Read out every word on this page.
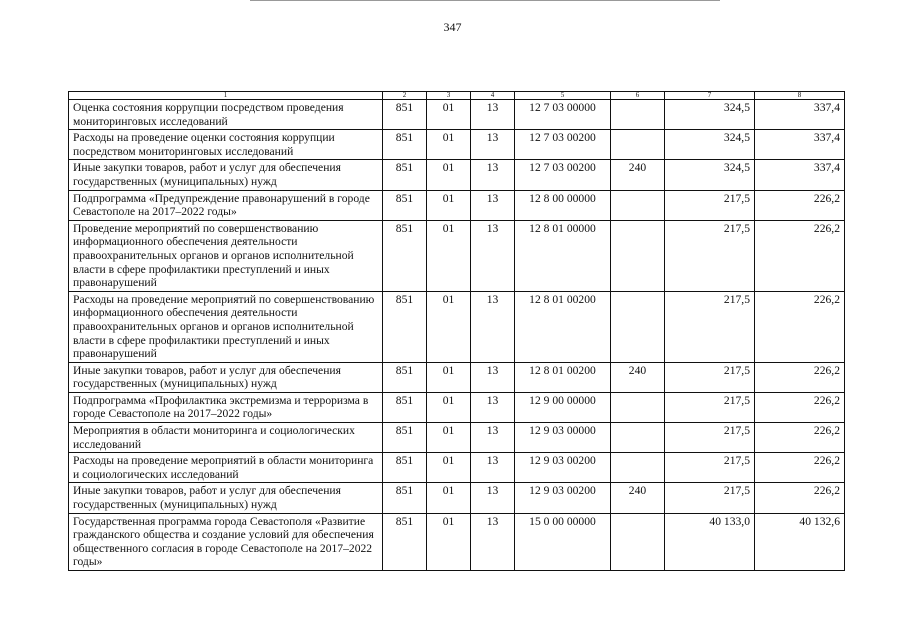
347
1	2	3	4	5	6	7	8
Оценка состояния коррупции посредством проведения мониторинговых исследований	851	01	13	12 7 03 00000		324,5	337,4
Расходы на проведение оценки состояния коррупции посредством мониторинговых исследований	851	01	13	12 7 03 00200		324,5	337,4
Иные закупки товаров, работ и услуг для обеспечения государственных (муниципальных) нужд	851	01	13	12 7 03 00200	240	324,5	337,4
Подпрограмма «Предупреждение правонарушений в городе Севастополе на 2017–2022 годы»	851	01	13	12 8 00 00000		217,5	226,2
Проведение мероприятий по совершенствованию информационного обеспечения деятельности правоохранительных органов и органов исполнительной власти в сфере профилактики преступлений и иных правонарушений	851	01	13	12 8 01 00000		217,5	226,2
Расходы на проведение мероприятий по совершенствованию информационного обеспечения деятельности правоохранительных органов и органов исполнительной власти в сфере профилактики преступлений и иных правонарушений	851	01	13	12 8 01 00200		217,5	226,2
Иные закупки товаров, работ и услуг для обеспечения государственных (муниципальных) нужд	851	01	13	12 8 01 00200	240	217,5	226,2
Подпрограмма «Профилактика экстремизма и терроризма в городе Севастополе на 2017–2022 годы»	851	01	13	12 9 00 00000		217,5	226,2
Мероприятия в области мониторинга и социологических исследований	851	01	13	12 9 03 00000		217,5	226,2
Расходы на проведение мероприятий в области мониторинга и социологических исследований	851	01	13	12 9 03 00200		217,5	226,2
Иные закупки товаров, работ и услуг для обеспечения государственных (муниципальных) нужд	851	01	13	12 9 03 00200	240	217,5	226,2
Государственная программа города Севастополя «Развитие гражданского общества и создание условий для обеспечения общественного согласия в городе Севастополе на 2017–2022 годы»	851	01	13	15 0 00 00000		40 133,0	40 132,6
